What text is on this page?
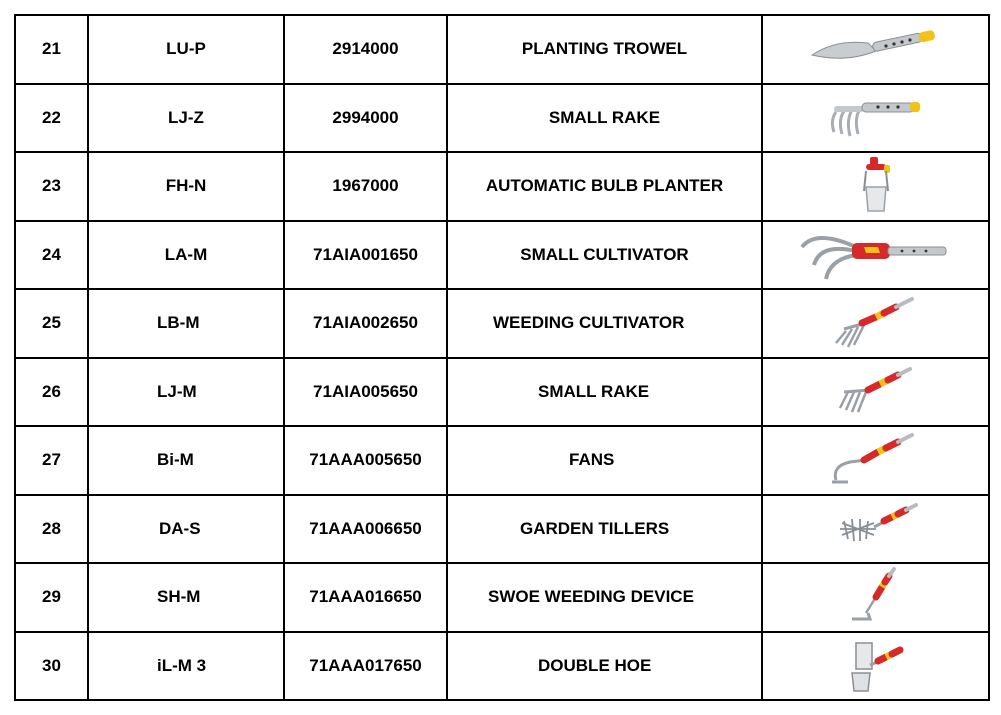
21	LU-P	2914000	PLANTING TROWEL	

22	LJ-Z	2994000	SMALL RAKE	

23	FH-N	1967000	AUTOMATIC BULB PLANTER	

24	LA-M	71AIA001650	SMALL CULTIVATOR	

25	LB-M	71AIA002650	WEEDING CULTIVATOR	

26	LJ-M	71AIA005650	SMALL RAKE	

27	Bi-M	71AAA005650	FANS	

28	DA-S	71AAA006650	GARDEN TILLERS	

29	SH-M	71AAA016650	SWOE WEEDING DEVICE	

30	iL-M 3	71AAA017650	DOUBLE HOE	
